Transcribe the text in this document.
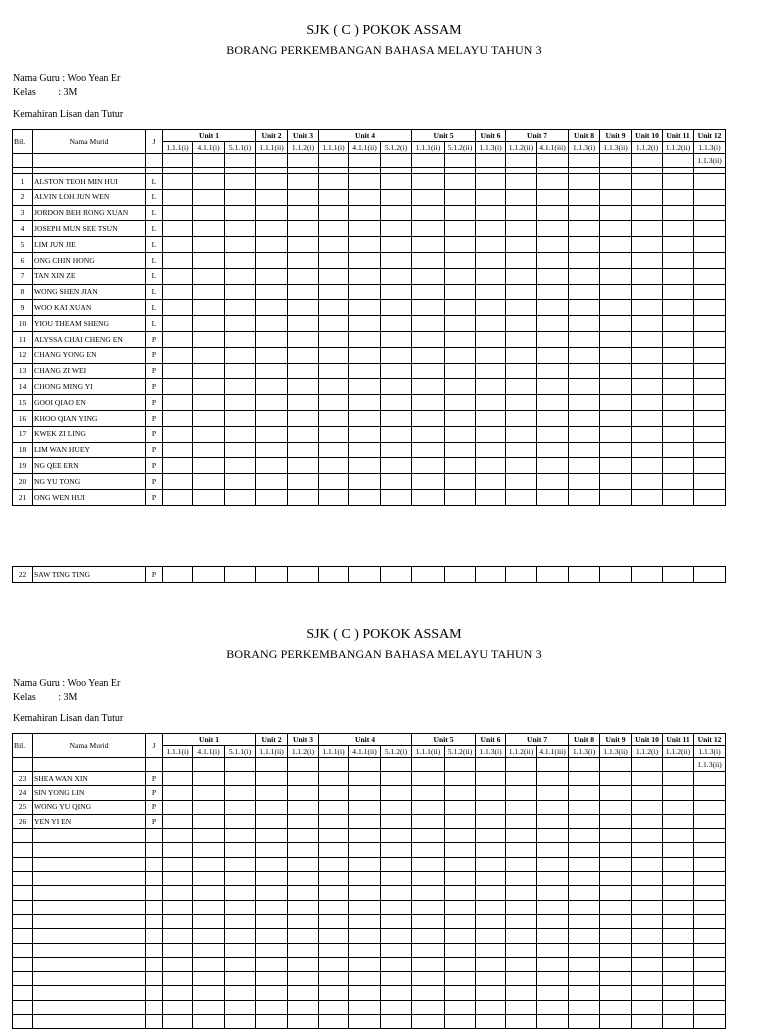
SJK ( C ) POKOK ASSAM
BORANG PERKEMBANGAN BAHASA MELAYU TAHUN 3
Nama Guru : Woo Yean Er
Kelas         : 3M
Kemahiran Lisan dan Tutur
Bil.	Nama Murid	J	Unit 1			Unit 2	Unit 3	Unit 4			Unit 5		Unit 6	Unit 7		Unit 8	Unit 9	Unit 10	Unit 11	Unit 12
			1.1.1(i)	4.1.1(i)	5.1.1(i)	1.1.1(ii)	1.1.2(i)	1.1.1(i)	4.1.1(ii)	5.1.2(i)	1.1.1(ii)	5.1.2(ii)	1.1.3(i)	1.1.2(ii)	4.1.1(iii)	1.1.3(i)	1.1.3(ii)	1.1.2(i)	1.1.2(ii)	1.1.3(i)
																				1.1.3(ii)

1	ALSTON TEOH MIN HUI	L																		
2	ALVIN LOH JUN WEN	L																		
3	JORDON BEH RONG XUAN	L																		
4	JOSEPH MUN SEE TSUN	L																		
5	LIM JUN JIE	L																		
6	ONG CHIN HONG	L																		
7	TAN XIN ZE	L																		
8	WONG SHEN JIAN	L																		
9	WOO KAI XUAN	L																		
10	YIOU THEAM SHENG	L																		
11	ALYSSA CHAI CHENG EN	P																		
12	CHANG YONG EN	P																		
13	CHANG ZI WEI	P																		
14	CHONG MING YI	P																		
15	GOOI QIAO EN	P																		
16	KHOO QIAN YING	P																		
17	KWEK ZI LING	P																		
18	LIM WAN HUEY	P																		
19	NG QEE ERN	P																		
20	NG YU TONG	P																		
21	ONG WEN HUI	P																		
22	SAW TING TING	P																		
SJK ( C ) POKOK ASSAM
BORANG PERKEMBANGAN BAHASA MELAYU TAHUN 3
Nama Guru : Woo Yean Er
Kelas         : 3M
Kemahiran Lisan dan Tutur
Bil.	Nama Murid	J	Unit 1			Unit 2	Unit 3	Unit 4			Unit 5		Unit 6	Unit 7		Unit 8	Unit 9	Unit 10	Unit 11	Unit 12
			1.1.1(i)	4.1.1(i)	5.1.1(i)	1.1.1(ii)	1.1.2(i)	1.1.1(i)	4.1.1(ii)	5.1.2(i)	1.1.1(ii)	5.1.2(ii)	1.1.3(i)	1.1.2(ii)	4.1.1(iii)	1.1.3(i)	1.1.3(ii)	1.1.2(i)	1.1.2(ii)	1.1.3(i)
																				1.1.3(ii)
23	SHEA WAN XIN	P																		
24	SIN YONG LIN	P																		
25	WONG YU QING	P																		
26	YEN YI EN	P																		
